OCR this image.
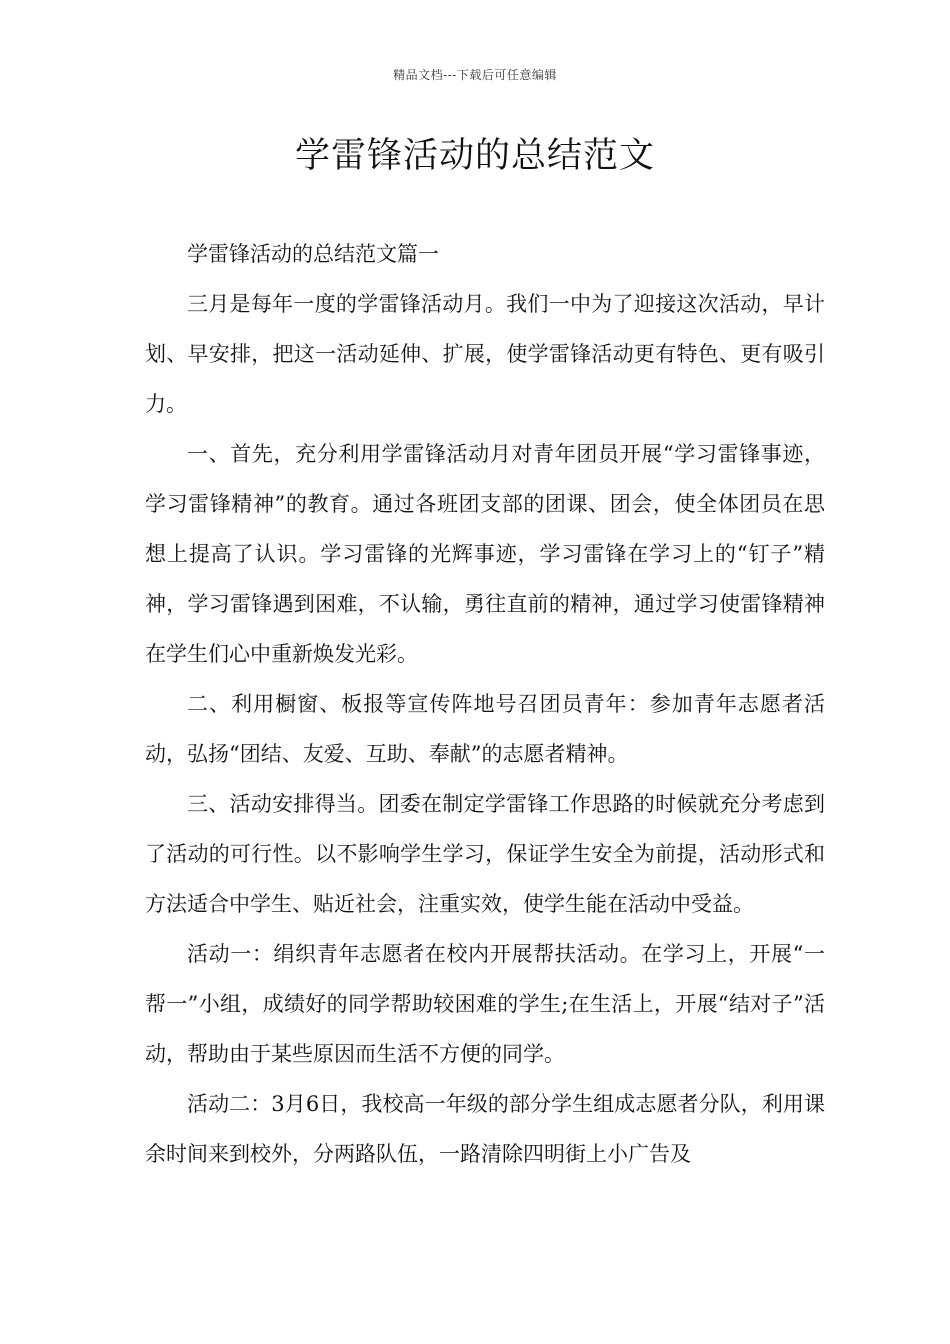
精品文档---下载后可任意编辑
学雷锋活动的总结范文

学雷锋活动的总结范文篇一

三月是每年一度的学雷锋活动月。我们一中为了迎接这次活动，早计划、早安排，把这一活动延伸、扩展，使学雷锋活动更有特色、更有吸引力。

一、首先，充分利用学雷锋活动月对青年团员开展“学习雷锋事迹，学习雷锋精神”的教育。通过各班团支部的团课、团会，使全体团员在思想上提高了认识。学习雷锋的光辉事迹，学习雷锋在学习上的“钉子”精神，学习雷锋遇到困难，不认输，勇往直前的精神，通过学习使雷锋精神在学生们心中重新焕发光彩。

二、利用橱窗、板报等宣传阵地号召团员青年：参加青年志愿者活动，弘扬“团结、友爱、互助、奉献”的志愿者精神。

三、活动安排得当。团委在制定学雷锋工作思路的时候就充分考虑到了活动的可行性。以不影响学生学习，保证学生安全为前提，活动形式和方法适合中学生、贴近社会，注重实效，使学生能在活动中受益。

活动一：绢织青年志愿者在校内开展帮扶活动。在学习上，开展“一帮一”小组，成绩好的同学帮助较困难的学生;在生活上，开展“结对子”活动，帮助由于某些原因而生活不方便的同学。

活动二：3月6日，我校高一年级的部分学生组成志愿者分队，利用课余时间来到校外，分两路队伍，一路清除四明街上小广告及
